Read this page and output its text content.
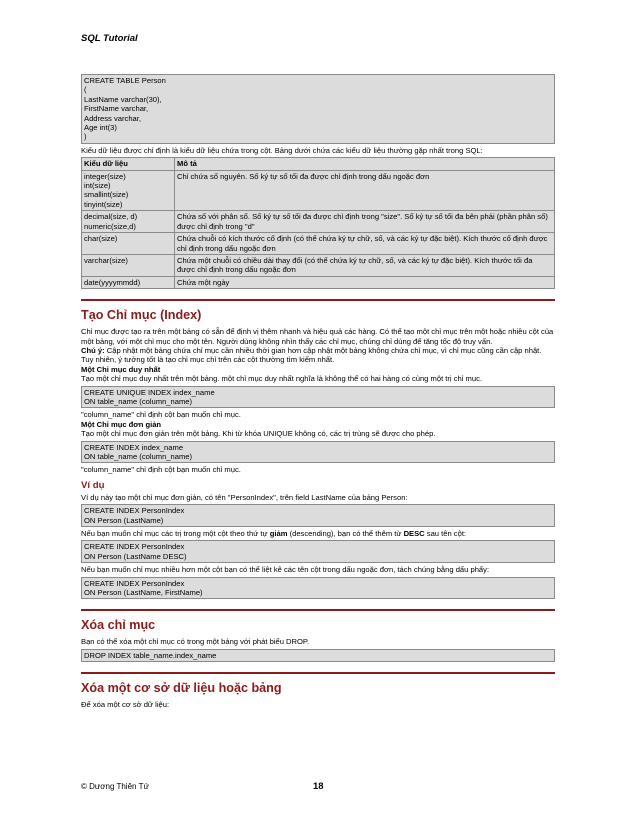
SQL Tutorial
CREATE TABLE Person
(
LastName varchar(30),
FirstName varchar,
Address varchar,
Age int(3)
)

Kiểu dữ liệu được chỉ định là kiểu dữ liệu chứa trong cột. Bảng dưới chứa các kiểu dữ liệu thường gặp nhất trong SQL:

Kiểu dữ liệu	Mô tả
integer(size)
int(size)
smallint(size)
tinyint(size)	Chỉ chứa số nguyên. Số ký tự số tối đa được chỉ định trong dấu ngoặc đơn
decimal(size, d)
numeric(size,d)	Chứa số với phân số. Số ký tự số tối đa được chỉ định trong "size". Số ký tự số tối đa bên phải (phần phân số) được chỉ định trong "d"
char(size)	Chứa chuỗi có kích thước cố định (có thể chứa ký tự chữ, số, và các ký tự đặc biệt). Kích thước cố định được chỉ định trong dấu ngoặc đơn
varchar(size)	Chứa một chuỗi có chiều dài thay đổi (có thể chứa ký tự chữ, số, và các ký tự đặc biệt). Kích thước tối đa được chỉ định trong dấu ngoặc đơn
date(yyyymmdd)	Chứa một ngày
Tạo Chỉ mục (Index)

Chỉ mục được tạo ra trên một bảng có sẵn để định vị thêm nhanh và hiệu quả các hàng. Có thể tạo một chỉ mục trên một hoặc nhiều cột của một bảng, với một chỉ mục cho một tên. Người dùng không nhìn thấy các chỉ mục, chúng chỉ dùng để tăng tốc độ truy vấn.

Chú ý: Cập nhật một bảng chứa chỉ mục cần nhiều thời gian hơn cập nhật một bảng không chứa chỉ mục, vì chỉ mục cũng cần cập nhật. Tuy nhiên, ý tưởng tốt là tạo chỉ mục chỉ trên các cột thường tìm kiếm nhất.

Một Chỉ mục duy nhất

Tạo một chỉ mục duy nhất trên một bảng. một chỉ mục duy nhất nghĩa là không thể có hai hàng có cùng một trị chỉ mục.

CREATE UNIQUE INDEX index_name
ON table_name (column_name)

"column_name" chỉ định cột bạn muốn chỉ mục.

Một Chỉ mục đơn giản

Tạo một chỉ mục đơn giản trên một bảng. Khi từ khóa UNIQUE không có, các trị trùng sẽ được cho phép.

CREATE INDEX index_name
ON table_name (column_name)

"column_name" chỉ định cột bạn muốn chỉ mục.

Ví dụ

Ví dụ này tạo một chỉ mục đơn giản, có tên "PersonIndex", trên field LastName của bảng Person:

CREATE INDEX PersonIndex
ON Person (LastName)

Nếu bạn muốn chỉ mục các trị trong một cột theo thứ tự giảm (descending), bạn có thể thêm từ DESC sau tên cột:

CREATE INDEX PersonIndex
ON Person (LastName DESC)

Nếu bạn muốn chỉ mục nhiều hơn một cột bạn có thể liệt kê các tên cột trong dấu ngoặc đơn, tách chúng bằng dấu phẩy:

CREATE INDEX PersonIndex
ON Person (LastName, FirstName)
Xóa chỉ mục

Bạn có thể xóa một chỉ mục có trong một bảng với phát biểu DROP.

DROP INDEX table_name.index_name
Xóa một cơ sở dữ liệu hoặc bảng

Để xóa một cơ sở dữ liệu:

© Dương Thiên Tứ	18
